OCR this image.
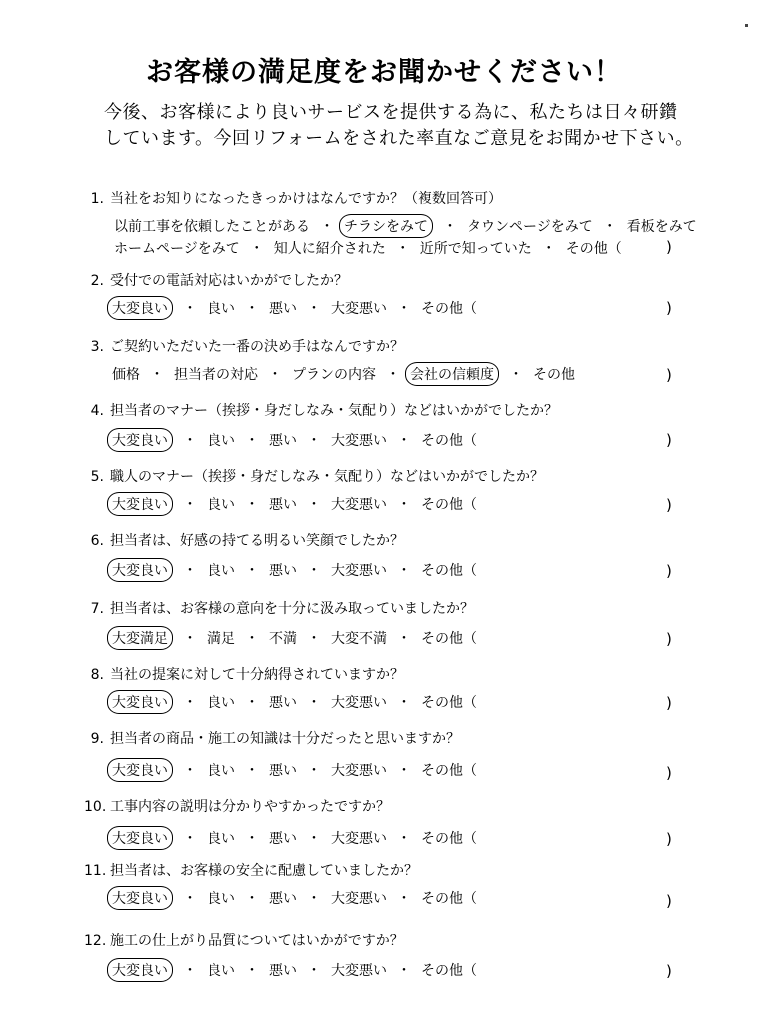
お客様の満足度をお聞かせください！
今後、お客様により良いサービスを提供する為に、私たちは日々研鑽
しています。今回リフォームをされた率直なご意見をお聞かせ下さい。
1. 当社をお知りになったきっかけはなんですか？（複数回答可）
以前工事を依頼したことがある ・ チラシをみて ・ タウンページをみて ・ 看板をみて
ホームページをみて ・ 知人に紹介された ・ 近所で知っていた ・ その他（	)
2. 受付での電話対応はいかがでしたか？
大変良い ・ 良い ・ 悪い ・ 大変悪い ・ その他（	)
3. ご契約いただいた一番の決め手はなんですか？
価格 ・ 担当者の対応 ・ プランの内容 ・ 会社の信頼度 ・ その他	)
4. 担当者のマナー（挨拶・身だしなみ・気配り）などはいかがでしたか？
大変良い ・ 良い ・ 悪い ・ 大変悪い ・ その他（	)
5. 職人のマナー（挨拶・身だしなみ・気配り）などはいかがでしたか？
大変良い ・ 良い ・ 悪い ・ 大変悪い ・ その他（	)
6. 担当者は、好感の持てる明るい笑顔でしたか？
大変良い ・ 良い ・ 悪い ・ 大変悪い ・ その他（	)
7. 担当者は、お客様の意向を十分に汲み取っていましたか？
大変満足 ・ 満足 ・ 不満 ・ 大変不満 ・ その他（	)
8. 当社の提案に対して十分納得されていますか？
大変良い ・ 良い ・ 悪い ・ 大変悪い ・ その他（	)
9. 担当者の商品・施工の知識は十分だったと思いますか？
大変良い ・ 良い ・ 悪い ・ 大変悪い ・ その他（	)
10. 工事内容の説明は分かりやすかったですか？
大変良い ・ 良い ・ 悪い ・ 大変悪い ・ その他（	)
11. 担当者は、お客様の安全に配慮していましたか？
大変良い ・ 良い ・ 悪い ・ 大変悪い ・ その他（	)
12. 施工の仕上がり品質についてはいかがですか？
大変良い ・ 良い ・ 悪い ・ 大変悪い ・ その他（	)
